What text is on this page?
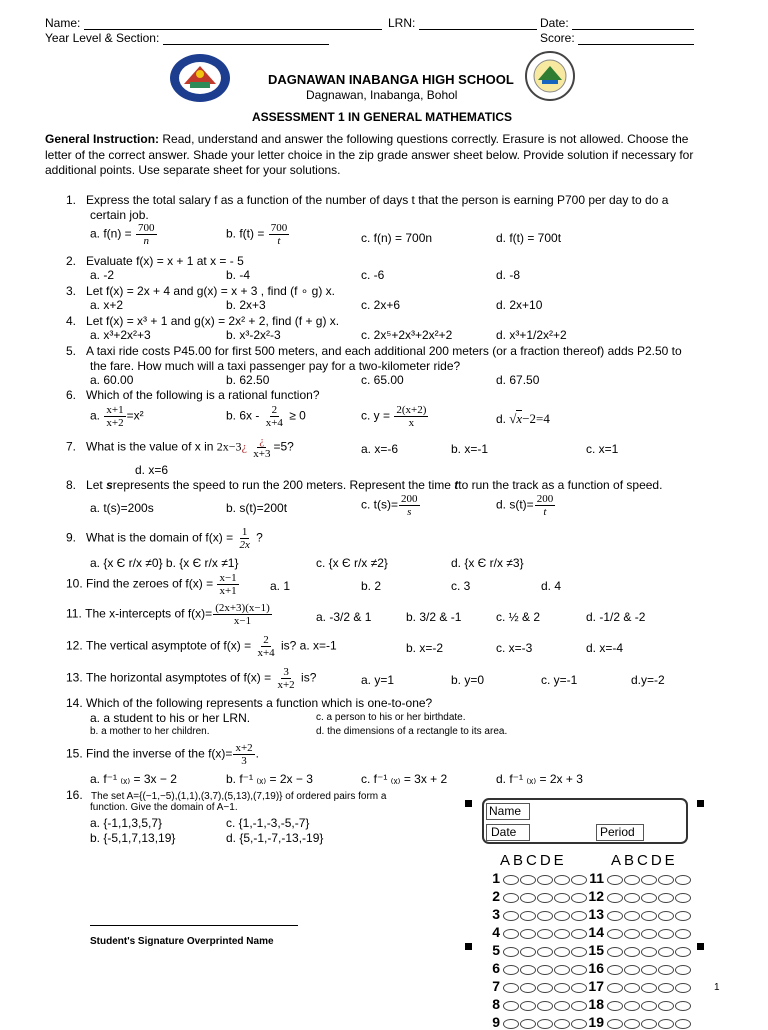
Name:	LRN:	Date:
Year Level & Section:	Score:
DAGNAWAN INABANGA HIGH SCHOOL
Dagnawan, Inabanga, Bohol
ASSESSMENT 1 IN GENERAL MATHEMATICS
General Instruction: Read, understand and answer the following questions correctly. Erasure is not allowed. Choose the
letter of the correct answer. Shade your letter choice in the zip grade answer sheet below. Provide solution if necessary for
additional points. Use separate sheet for your solutions.
1. Express the total salary f as a function of the number of days t that the person is earning P700 per day to do a
certain job.
a. $f(n) = \frac{700}{n}$	b. $f(t) = \frac{700}{t}$	c. f(n) = 700n	d. f(t) = 700t
2. Evaluate f(x) = x + 1 at x = - 5
a. -2	b. -4	c. -6	d. -8
3. Let f(x) = 2x + 4 and g(x) = x + 3 , find (f ∘ g) x.
a. x+2	b. 2x+3	c. 2x+6	d. 2x+10
4. Let f(x) = x³ + 1 and g(x) = 2x² + 2, find (f + g) x.
a. x³+2x²+3	b. x³-2x²-3	c. 2x⁵+2x³+2x²+2	d. x³+1/2x²+2
5. A taxi ride costs P45.00 for first 500 meters, and each additional 200 meters (or a fraction thereof) adds P2.50 to
the fare. How much will a taxi passenger pay for a two-kilometer ride?
a. 60.00	b. 62.50	c. 65.00	d. 67.50
6. Which of the following is a rational function?
a. $\frac{x+1}{x+2} =x^2$	b. $6x - \frac{2}{x+4} \ge 0$	c. $y = \frac{2(x+2)}{x}$	d. √x−2=4
7. What is the value of x in 2x−3¿ $\frac{¿}{x+3} =5$?	a. x=-6	b. x=-1	c. x=1
d. x=6
8. Let srepresents the speed to run the 200 meters. Represent the time tto run the track as a function of speed.
a. t(s)=200s	b. s(t)=200t	c. $t(s)= \frac{200}{s}$	d. $s(t)= \frac{200}{t}$
9. What is the domain of $f(x) = \frac{1}{2x}$ ?
a. {x Є r/x ≠0} b. {x Є r/x ≠1}	c. {x Є r/x ≠2}	d. {x Є r/x ≠3}
10. Find the zeroes of $f(x) = \frac{x-1}{x+1}$	a. 1	b. 2	c. 3	d. 4
11. The x-intercepts of $f(x)= \frac{(2x+3)(x-1)}{x-1}$	a. -3/2 & 1	b. 3/2 & -1	c. ½ & 2	d. -1/2 & -2
12. The vertical asymptote of $f(x) = \frac{2}{x+4}$ is? a. x=-1	b. x=-2	c. x=-3	d. x=-4
13. The horizontal asymptotes of $f(x) = \frac{3}{x+2}$ is?	a. y=1	b. y=0	c. y=-1	d.y=-2
14. Which of the following represents a function which is one-to-one?
a. a student to his or her LRN.	c. a person to his or her birthdate.
b. a mother to her children.	d. the dimensions of a rectangle to its area.
15. Find the inverse of the $f(x)= \frac{x+2}{3}$ .
a. f⁻¹ ₍ₓ₎ = 3x − 2	b. f⁻¹ ₍ₓ₎ = 2x − 3	c. f⁻¹ ₍ₓ₎ = 3x + 2	d. f⁻¹ ₍ₓ₎ = 2x + 3
16. The set A={(−1,−5),(1,1),(3,7),(5,13),(7,19)} of ordered pairs form a
function. Give the domain of A−1.
a. {-1,1,3,5,7}	c. {1,-1,-3,-5,-7}
b. {-5,1,7,13,19}	d. {5,-1,-7,-13,-19}
Student's Signature Overprinted Name
Name
Date	Period
ABCDE	ABCDE
1	11
2	12
3	13
4	14
5	15
6	16
7	17
8	18
9	19
1
